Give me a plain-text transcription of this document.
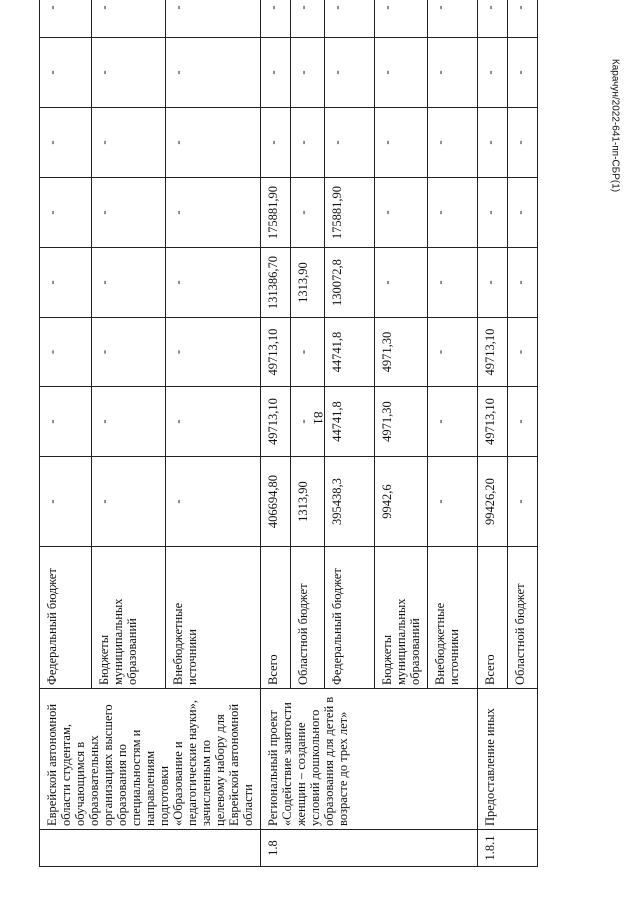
81
Карачун/2022-641-пп-СБР(1)
	Еврейской автономной области студентам, обучающимся в образовательных организациях высшего образования по специальностям и направлениям подготовки «Образование и педагогические науки», зачисленным по целевому набору для Еврейской автономной области	Федеральный бюджет	-	-	-	-	-	-	-	-		
		Бюджеты муниципальных образований	-	-	-	-	-	-	-	-		
		Внебюджетные источники	-	-	-	-	-	-	-	-		
1.8	Региональный проект «Содействие занятости женщин – создание условий дошкольного образования для детей в возрасте до трех лет»	Всего	406694,80	49713,10	49713,10	131386,70	175881,90	-	-	-		
		Областной бюджет	1313,90	-	-	1313,90	-	-	-	-		
		Федеральный бюджет	395438,3	44741,8	44741,8	130072,8	175881,90	-	-	-		
		Бюджеты муниципальных образований	9942,6	4971,30	4971,30	-	-	-	-	-		
		Внебюджетные источники	-	-	-	-	-	-	-	-		
1.8.1	Предоставление иных	Всего	99426,20	49713,10	49713,10	-	-	-	-	-		
		Областной бюджет	-	-	-	-	-	-	-	-		
